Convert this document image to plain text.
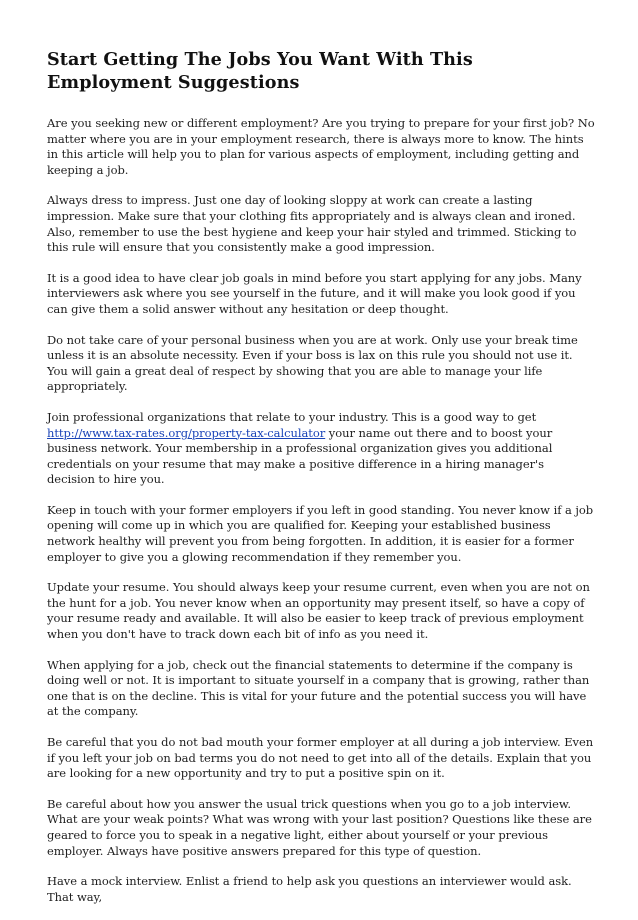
Start Getting The Jobs You Want With This Employment Suggestions

Are you seeking new or different employment? Are you trying to prepare for your first job? No matter where you are in your employment research, there is always more to know. The hints in this article will help you to plan for various aspects of employment, including getting and keeping a job.

Always dress to impress. Just one day of looking sloppy at work can create a lasting impression. Make sure that your clothing fits appropriately and is always clean and ironed. Also, remember to use the best hygiene and keep your hair styled and trimmed. Sticking to this rule will ensure that you consistently make a good impression.

It is a good idea to have clear job goals in mind before you start applying for any jobs. Many interviewers ask where you see yourself in the future, and it will make you look good if you can give them a solid answer without any hesitation or deep thought.

Do not take care of your personal business when you are at work. Only use your break time unless it is an absolute necessity. Even if your boss is lax on this rule you should not use it. You will gain a great deal of respect by showing that you are able to manage your life appropriately.

Join professional organizations that relate to your industry. This is a good way to get http://www.tax-rates.org/property-tax-calculator your name out there and to boost your business network. Your membership in a professional organization gives you additional credentials on your resume that may make a positive difference in a hiring manager's decision to hire you.

Keep in touch with your former employers if you left in good standing. You never know if a job opening will come up in which you are qualified for. Keeping your established business network healthy will prevent you from being forgotten. In addition, it is easier for a former employer to give you a glowing recommendation if they remember you.

Update your resume. You should always keep your resume current, even when you are not on the hunt for a job. You never know when an opportunity may present itself, so have a copy of your resume ready and available. It will also be easier to keep track of previous employment when you don't have to track down each bit of info as you need it.

When applying for a job, check out the financial statements to determine if the company is doing well or not. It is important to situate yourself in a company that is growing, rather than one that is on the decline. This is vital for your future and the potential success you will have at the company.

Be careful that you do not bad mouth your former employer at all during a job interview. Even if you left your job on bad terms you do not need to get into all of the details. Explain that you are looking for a new opportunity and try to put a positive spin on it.

Be careful about how you answer the usual trick questions when you go to a job interview. What are your weak points? What was wrong with your last position? Questions like these are geared to force you to speak in a negative light, either about yourself or your previous employer. Always have positive answers prepared for this type of question.

Have a mock interview. Enlist a friend to help ask you questions an interviewer would ask. That way,
